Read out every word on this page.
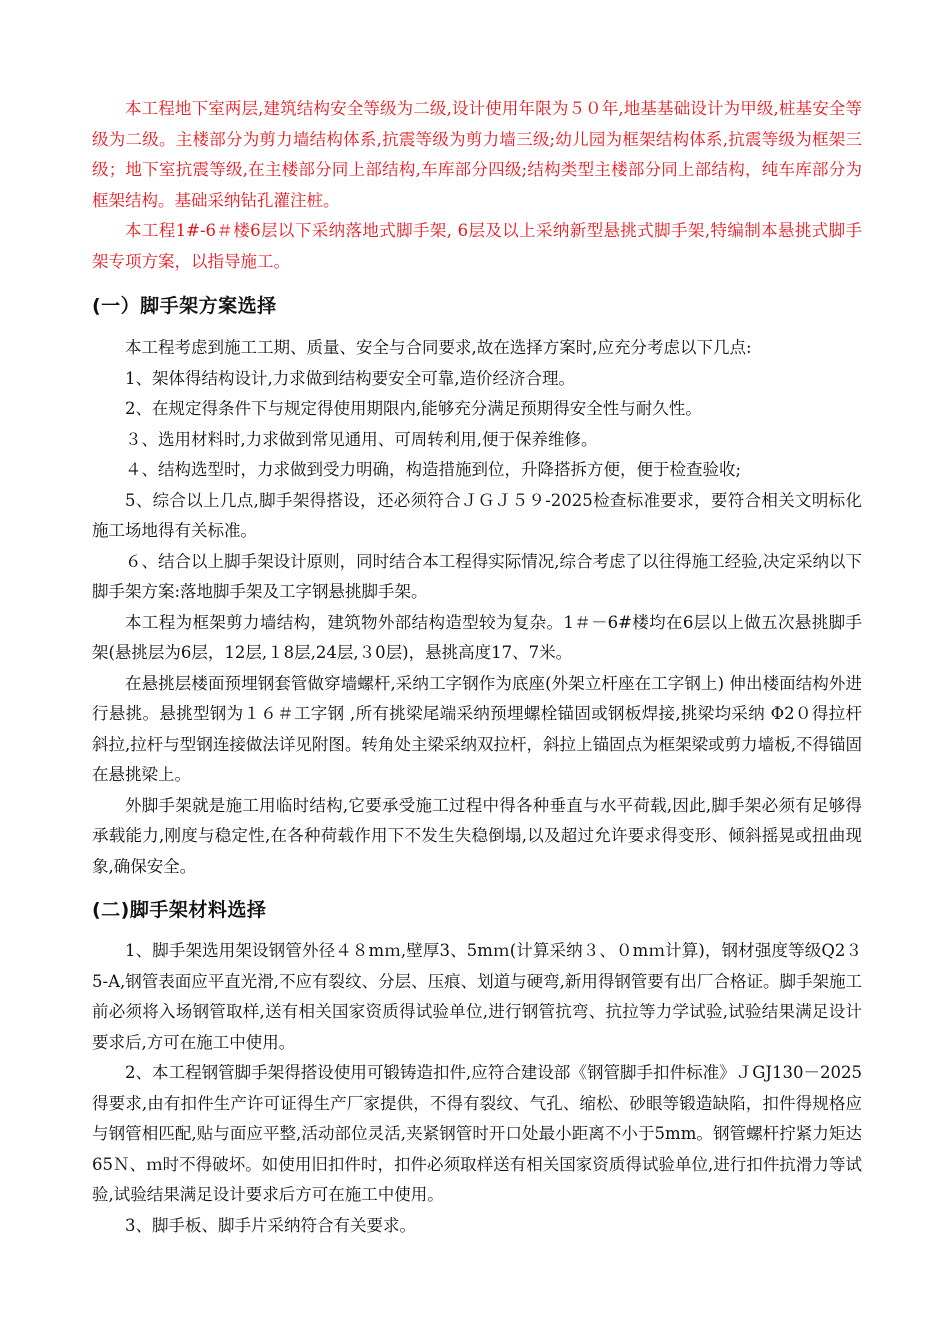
本工程地下室两层,建筑结构安全等级为二级,设计使用年限为５０年,地基基础设计为甲级,桩基安全等级为二级。主楼部分为剪力墙结构体系,抗震等级为剪力墙三级;幼儿园为框架结构体系,抗震等级为框架三级；地下室抗震等级,在主楼部分同上部结构,车库部分四级;结构类型主楼部分同上部结构，纯车库部分为框架结构。基础采纳钻孔灌注桩。

本工程1#-6＃楼6层以下采纳落地式脚手架, 6层及以上采纳新型悬挑式脚手架,特编制本悬挑式脚手架专项方案，以指导施工。

(一）脚手架方案选择

本工程考虑到施工工期、质量、安全与合同要求,故在选择方案时,应充分考虑以下几点:

1、架体得结构设计,力求做到结构要安全可靠,造价经济合理。

2、在规定得条件下与规定得使用期限内,能够充分满足预期得安全性与耐久性。

３、选用材料时,力求做到常见通用、可周转利用,便于保养维修。

４、结构选型时，力求做到受力明确，构造措施到位，升降搭拆方便，便于检查验收;

5、综合以上几点,脚手架得搭设，还必须符合ＪＧＪ５９-2025检查标准要求，要符合相关文明标化施工场地得有关标准。

６、结合以上脚手架设计原则，同时结合本工程得实际情况,综合考虑了以往得施工经验,决定采纳以下脚手架方案:落地脚手架及工字钢悬挑脚手架。

本工程为框架剪力墙结构，建筑物外部结构造型较为复杂。1＃－6#楼均在6层以上做五次悬挑脚手架(悬挑层为6层，12层,１8层,24层,３0层)，悬挑高度17、7米。

在悬挑层楼面预埋钢套管做穿墙螺杆,采纳工字钢作为底座(外架立杆座在工字钢上) 伸出楼面结构外进行悬挑。悬挑型钢为１６＃工字钢 ,所有挑梁尾端采纳预埋螺栓锚固或钢板焊接,挑梁均采纳 Φ2０得拉杆斜拉,拉杆与型钢连接做法详见附图。转角处主梁采纳双拉杆，斜拉上锚固点为框架梁或剪力墙板,不得锚固在悬挑梁上。

外脚手架就是施工用临时结构,它要承受施工过程中得各种垂直与水平荷载,因此,脚手架必须有足够得承载能力,刚度与稳定性,在各种荷载作用下不发生失稳倒塌,以及超过允许要求得变形、倾斜摇晃或扭曲现象,确保安全。

(二)脚手架材料选择

1、脚手架选用架设钢管外径４８mｍ,壁厚3、5mｍ(计算采纳３、０mｍ计算)，钢材强度等级Q2３5-A,钢管表面应平直光滑,不应有裂纹、分层、压痕、划道与硬弯,新用得钢管要有出厂合格证。脚手架施工前必须将入场钢管取样,送有相关国家资质得试验单位,进行钢管抗弯、抗拉等力学试验,试验结果满足设计要求后,方可在施工中使用。

2、本工程钢管脚手架得搭设使用可锻铸造扣件,应符合建设部《钢管脚手扣件标准》ＪGJ130－2025得要求,由有扣件生产许可证得生产厂家提供，不得有裂纹、气孔、缩松、砂眼等锻造缺陷，扣件得规格应与钢管相匹配,贴与面应平整,活动部位灵活,夹紧钢管时开口处最小距离不小于5mm。钢管螺杆拧紧力矩达65Ｎ、ｍ时不得破坏。如使用旧扣件时，扣件必须取样送有相关国家资质得试验单位,进行扣件抗滑力等试验,试验结果满足设计要求后方可在施工中使用。

3、脚手板、脚手片采纳符合有关要求。
